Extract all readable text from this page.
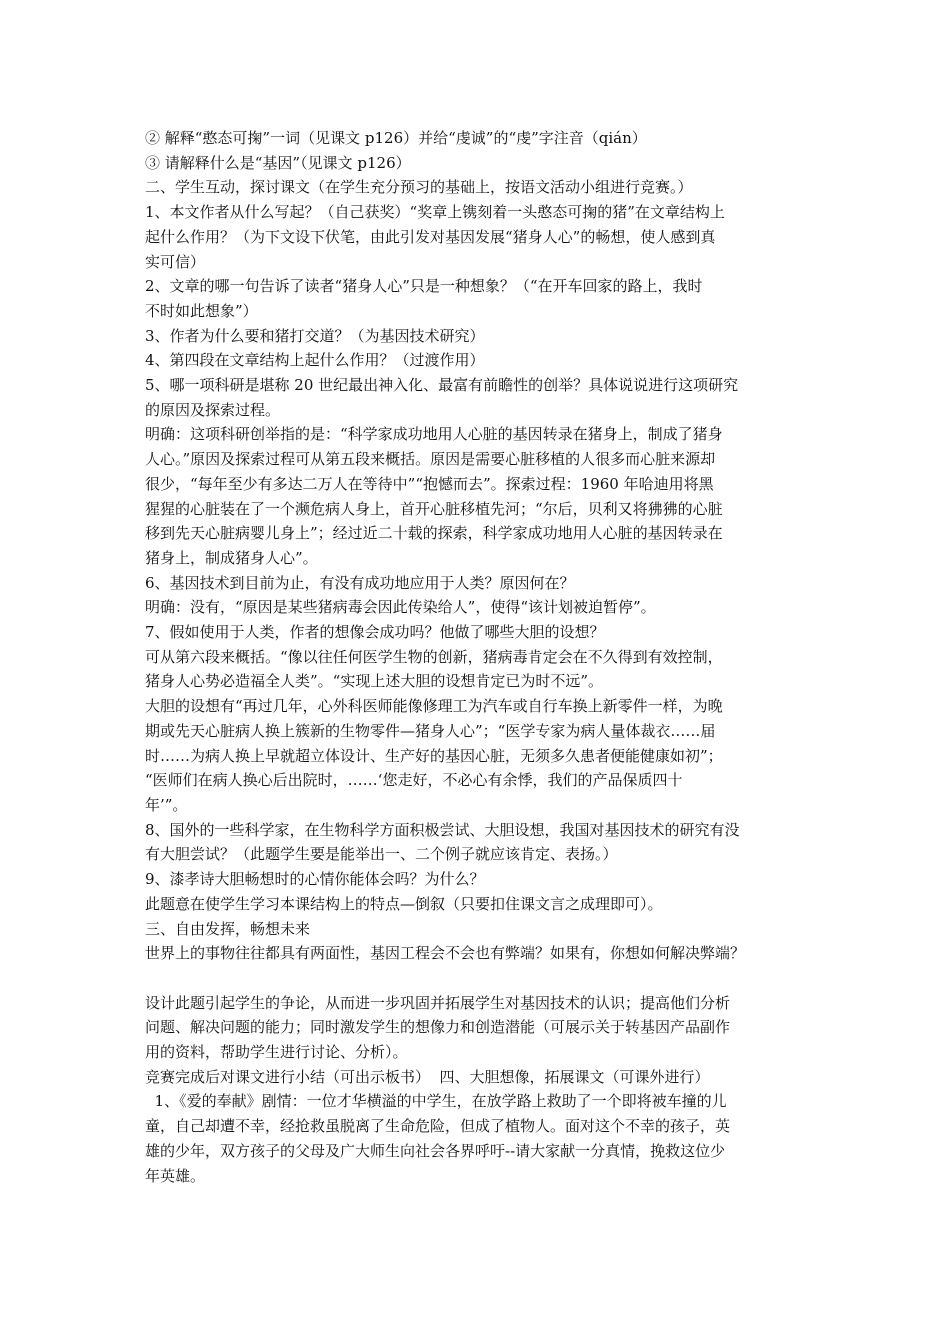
② 解释“憨态可掬”一词（见课文 p126）并给“虔诚”的“虔”字注音（qián）

③ 请解释什么是“基因”（见课文 p126）

二、学生互动，探讨课文（在学生充分预习的基础上，按语文活动小组进行竞赛。）

1、本文作者从什么写起？（自己获奖）“奖章上镌刻着一头憨态可掬的猪”在文章结构上

起什么作用？（为下文设下伏笔，由此引发对基因发展“猪身人心”的畅想，使人感到真

实可信）

2、文章的哪一句告诉了读者“猪身人心”只是一种想象？（“在开车回家的路上，我时

不时如此想象”）

3、作者为什么要和猪打交道？（为基因技术研究）

4、第四段在文章结构上起什么作用？（过渡作用）

5、哪一项科研是堪称 20 世纪最出神入化、最富有前瞻性的创举？具体说说进行这项研究

的原因及探索过程。

明确：这项科研创举指的是：“科学家成功地用人心脏的基因转录在猪身上，制成了猪身

人心。”原因及探索过程可从第五段来概括。原因是需要心脏移植的人很多而心脏来源却

很少，“每年至少有多达二万人在等待中”“抱憾而去”。探索过程：1960 年哈迪用将黑

猩猩的心脏装在了一个濒危病人身上，首开心脏移植先河；“尔后，贝利又将狒狒的心脏

移到先天心脏病婴儿身上”；经过近二十载的探索，科学家成功地用人心脏的基因转录在

猪身上，制成猪身人心”。

6、基因技术到目前为止，有没有成功地应用于人类？原因何在？

明确：没有，“原因是某些猪病毒会因此传染给人”，使得“该计划被迫暂停”。

7、假如使用于人类，作者的想像会成功吗？他做了哪些大胆的设想？

可从第六段来概括。“像以往任何医学生物的创新，猪病毒肯定会在不久得到有效控制，

猪身人心势必造福全人类”。“实现上述大胆的设想肯定已为时不远”。

大胆的设想有“再过几年，心外科医师能像修理工为汽车或自行车换上新零件一样，为晚

期或先天心脏病人换上簇新的生物零件—猪身人心”；“医学专家为病人量体裁衣……届

时……为病人换上早就超立体设计、生产好的基因心脏，无须多久患者便能健康如初”；

“医师们在病人换心后出院时，……‘您走好，不必心有余悸，我们的产品保质四十

年’”。

8、国外的一些科学家，在生物科学方面积极尝试、大胆设想，我国对基因技术的研究有没

有大胆尝试？（此题学生要是能举出一、二个例子就应该肯定、表扬。）

9、漆孝诗大胆畅想时的心情你能体会吗？为什么？

此题意在使学生学习本课结构上的特点—倒叙（只要扣住课文言之成理即可）。

三、自由发挥，畅想未来

世界上的事物往往都具有两面性，基因工程会不会也有弊端？如果有，你想如何解决弊端？

设计此题引起学生的争论，从而进一步巩固并拓展学生对基因技术的认识；提高他们分析

问题、解决问题的能力；同时激发学生的想像力和创造潜能（可展示关于转基因产品副作

用的资料，帮助学生进行讨论、分析）。

竞赛完成后对课文进行小结（可出示板书）  四、大胆想像，拓展课文（可课外进行）

1、《爱的奉献》剧情：一位才华横溢的中学生，在放学路上救助了一个即将被车撞的儿

童，自己却遭不幸，经抢救虽脱离了生命危险，但成了植物人。面对这个不幸的孩子，英

雄的少年，双方孩子的父母及广大师生向社会各界呼吁--请大家献一分真情，挽救这位少

年英雄。
